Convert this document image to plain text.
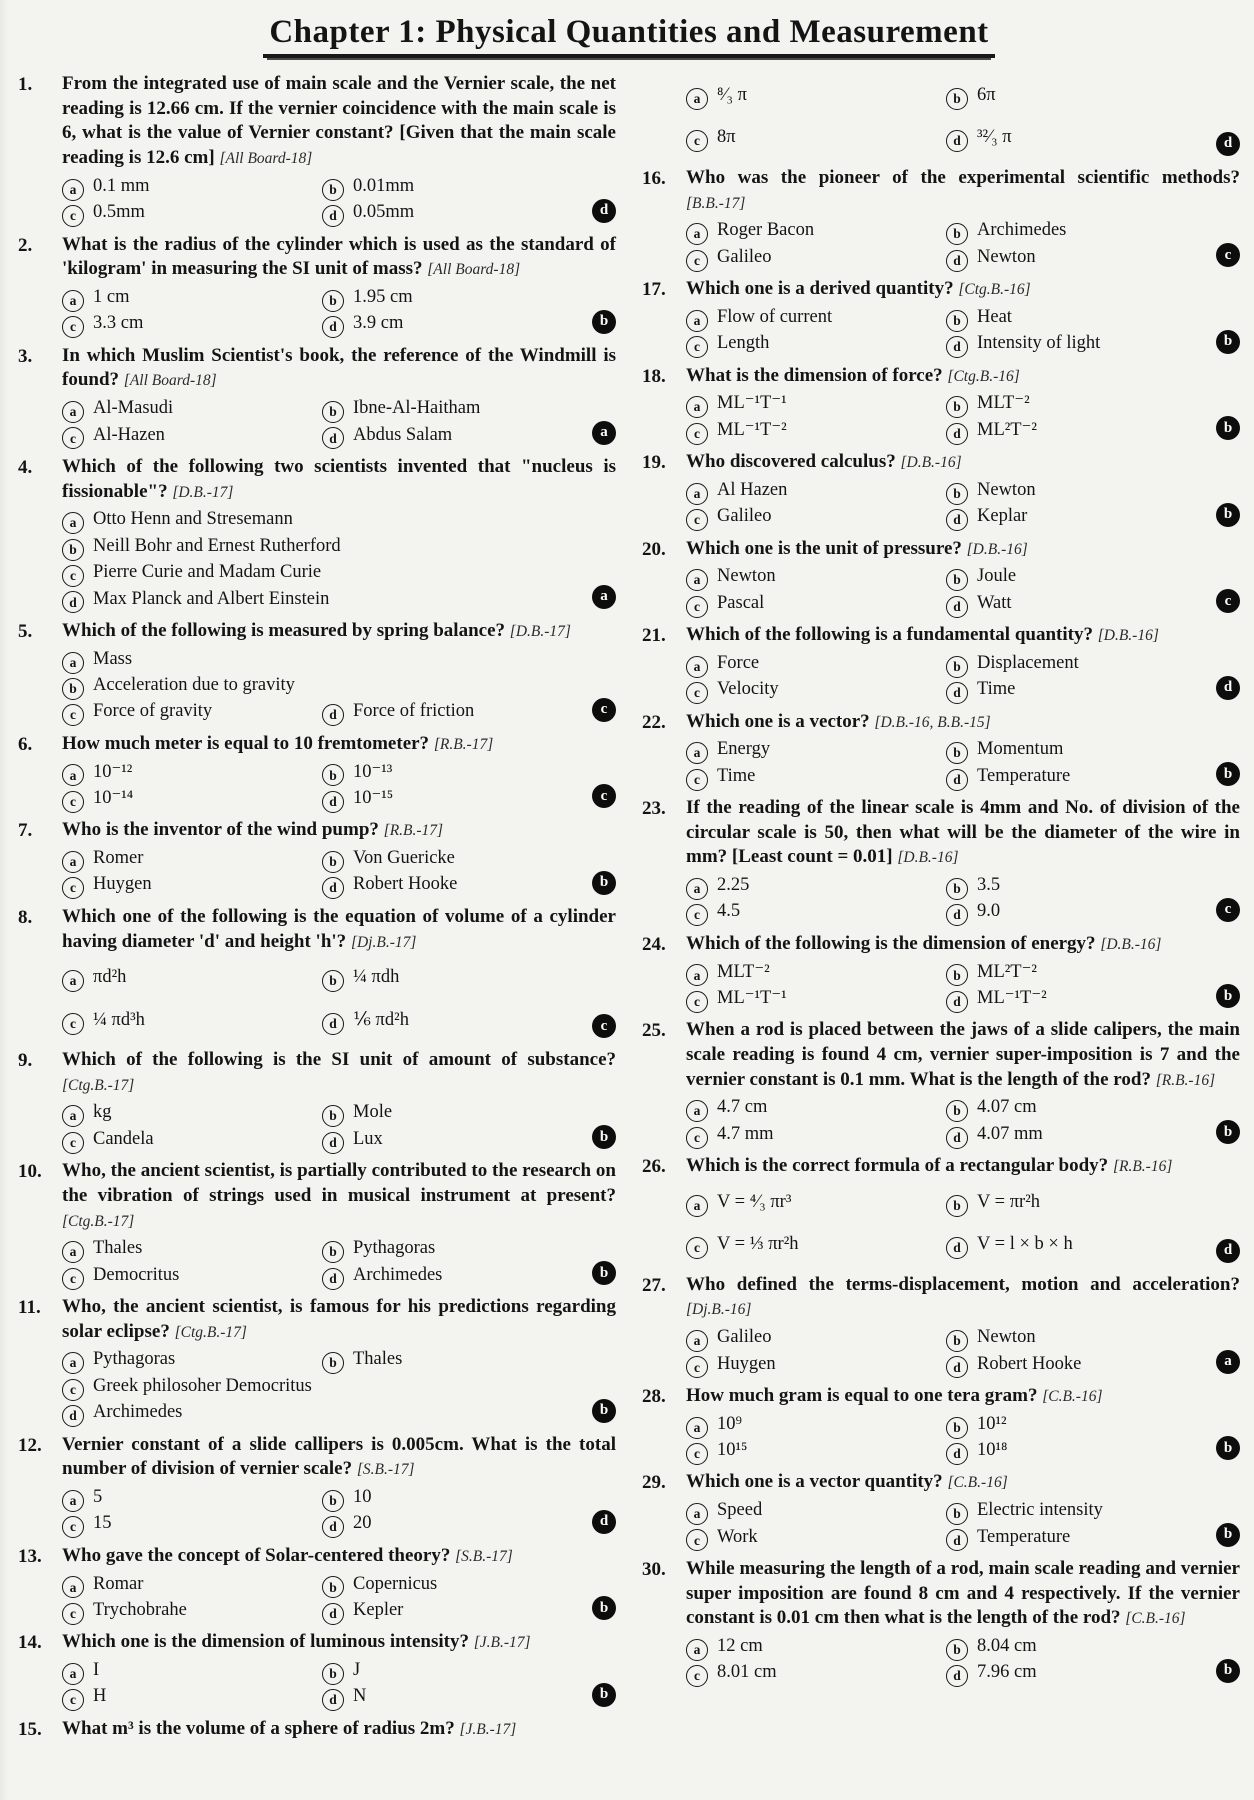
Chapter 1: Physical Quantities and Measurement
1.	From the integrated use of main scale and the Vernier scale, the net reading is 12.66 cm. If the vernier coincidence with the main scale is 6, what is the value of Vernier constant? [Given that the main scale reading is 12.6 cm] [All Board-18]

a 0.1 mm	b 0.01mm
c 0.5mm	d 0.05mm	d
2.	What is the radius of the cylinder which is used as the standard of 'kilogram' in measuring the SI unit of mass? [All Board-18]

a 1 cm	b 1.95 cm
c 3.3 cm	d 3.9 cm	b
3.	In which Muslim Scientist's book, the reference of the Windmill is found? [All Board-18]

a Al-Masudi	b Ibne-Al-Haitham
c Al-Hazen	d Abdus Salam	a
4.	Which of the following two scientists invented that "nucleus is fissionable"? [D.B.-17]

a Otto Henn and Stresemann
b Neill Bohr and Ernest Rutherford
c Pierre Curie and Madam Curie
d Max Planck and Albert Einstein	a
5.	Which of the following is measured by spring balance? [D.B.-17]

a Mass
b Acceleration due to gravity
c Force of gravity	d Force of friction	c
6.	How much meter is equal to 10 fremtometer? [R.B.-17]

a 10⁻¹²	b 10⁻¹³
c 10⁻¹⁴	d 10⁻¹⁵	c
7.	Who is the inventor of the wind pump? [R.B.-17]

a Romer	b Von Guericke
c Huygen	d Robert Hooke	b
8.	Which one of the following is the equation of volume of a cylinder having diameter 'd' and height 'h'? [Dj.B.-17]

a πd²h	b ¼ πdh
c ¼ πd³h	d ⅙ πd²h	c
9.	Which of the following is the SI unit of amount of substance? [Ctg.B.-17]

a kg	b Mole
c Candela	d Lux	b
10.	Who, the ancient scientist, is partially contributed to the research on the vibration of strings used in musical instrument at present? [Ctg.B.-17]

a Thales	b Pythagoras
c Democritus	d Archimedes	b
11.	Who, the ancient scientist, is famous for his predictions regarding solar eclipse? [Ctg.B.-17]

a Pythagoras	b Thales
c Greek philosoher Democritus
d Archimedes	b
12.	Vernier constant of a slide callipers is 0.005cm. What is the total number of division of vernier scale? [S.B.-17]

a 5	b 10
c 15	d 20	d
13.	Who gave the concept of Solar-centered theory? [S.B.-17]

a Romar	b Copernicus
c Trychobrahe	d Kepler	b
14.	Which one is the dimension of luminous intensity? [J.B.-17]

a I	b J
c H	d N	b
15.	What m³ is the volume of a sphere of radius 2m? [J.B.-17]

a ⁸⁄₃ π	b 6π
c 8π	d ³²⁄₃ π	d
16.	Who was the pioneer of the experimental scientific methods? [B.B.-17]

a Roger Bacon	b Archimedes
c Galileo	d Newton	c
17.	Which one is a derived quantity? [Ctg.B.-16]

a Flow of current	b Heat
c Length	d Intensity of light	b
18.	What is the dimension of force? [Ctg.B.-16]

a ML⁻¹T⁻¹	b MLT⁻²
c ML⁻¹T⁻²	d ML²T⁻²	b
19.	Who discovered calculus? [D.B.-16]

a Al Hazen	b Newton
c Galileo	d Keplar	b
20.	Which one is the unit of pressure? [D.B.-16]

a Newton	b Joule
c Pascal	d Watt	c
21.	Which of the following is a fundamental quantity? [D.B.-16]

a Force	b Displacement
c Velocity	d Time	d
22.	Which one is a vector? [D.B.-16, B.B.-15]

a Energy	b Momentum
c Time	d Temperature	b
23.	If the reading of the linear scale is 4mm and No. of division of the circular scale is 50, then what will be the diameter of the wire in mm? [Least count = 0.01] [D.B.-16]

a 2.25	b 3.5
c 4.5	d 9.0	c
24.	Which of the following is the dimension of energy? [D.B.-16]

a MLT⁻²	b ML²T⁻²
c ML⁻¹T⁻¹	d ML⁻¹T⁻²	b
25.	When a rod is placed between the jaws of a slide calipers, the main scale reading is found 4 cm, vernier super-imposition is 7 and the vernier constant is 0.1 mm. What is the length of the rod? [R.B.-16]

a 4.7 cm	b 4.07 cm
c 4.7 mm	d 4.07 mm	b
26.	Which is the correct formula of a rectangular body? [R.B.-16]

a V = ⁴⁄₃ πr³	b V = πr²h
c V = ⅓ πr²h	d V = l × b × h	d
27.	Who defined the terms-displacement, motion and acceleration? [Dj.B.-16]

a Galileo	b Newton
c Huygen	d Robert Hooke	a
28.	How much gram is equal to one tera gram? [C.B.-16]

a 10⁹	b 10¹²
c 10¹⁵	d 10¹⁸	b
29.	Which one is a vector quantity? [C.B.-16]

a Speed	b Electric intensity
c Work	d Temperature	b
30.	While measuring the length of a rod, main scale reading and vernier super imposition are found 8 cm and 4 respectively. If the vernier constant is 0.01 cm then what is the length of the rod? [C.B.-16]

a 12 cm	b 8.04 cm
c 8.01 cm	d 7.96 cm	b
